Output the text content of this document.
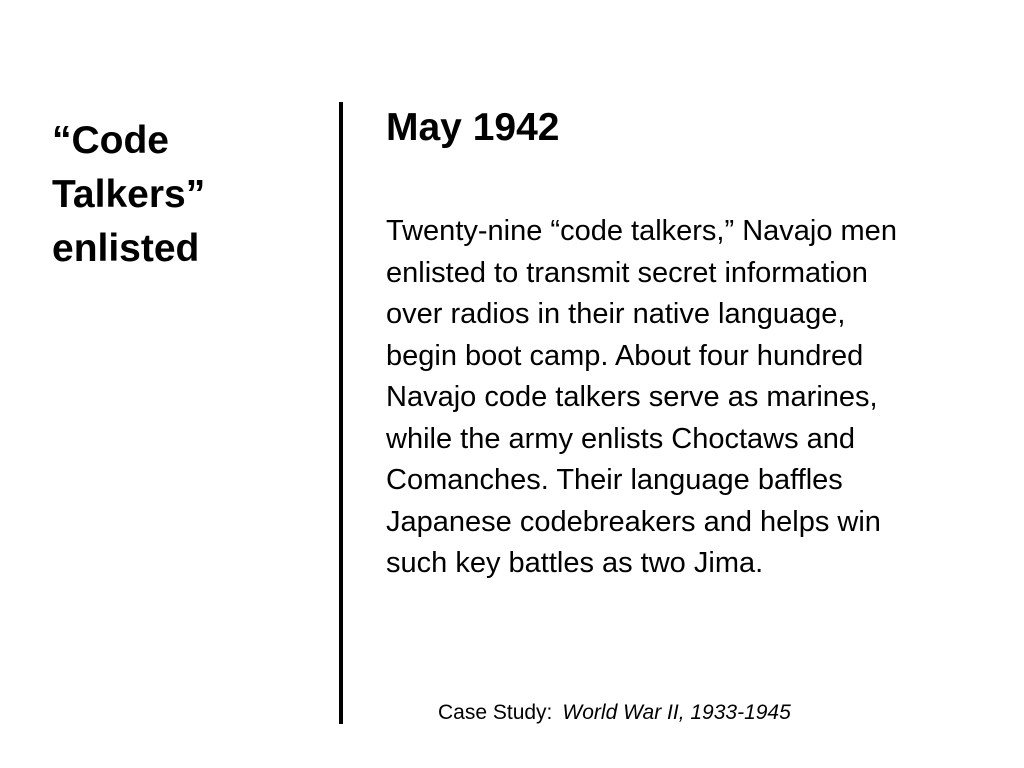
“Code
Talkers”
enlisted
May 1942

Twenty-nine “code talkers,” Navajo men
enlisted to transmit secret information
over radios in their native language,
begin boot camp. About four hundred
Navajo code talkers serve as marines,
while the army enlists Choctaws and
Comanches. Their language baffles
Japanese codebreakers and helps win
such key battles as two Jima.

Case Study: World War II, 1933-1945
